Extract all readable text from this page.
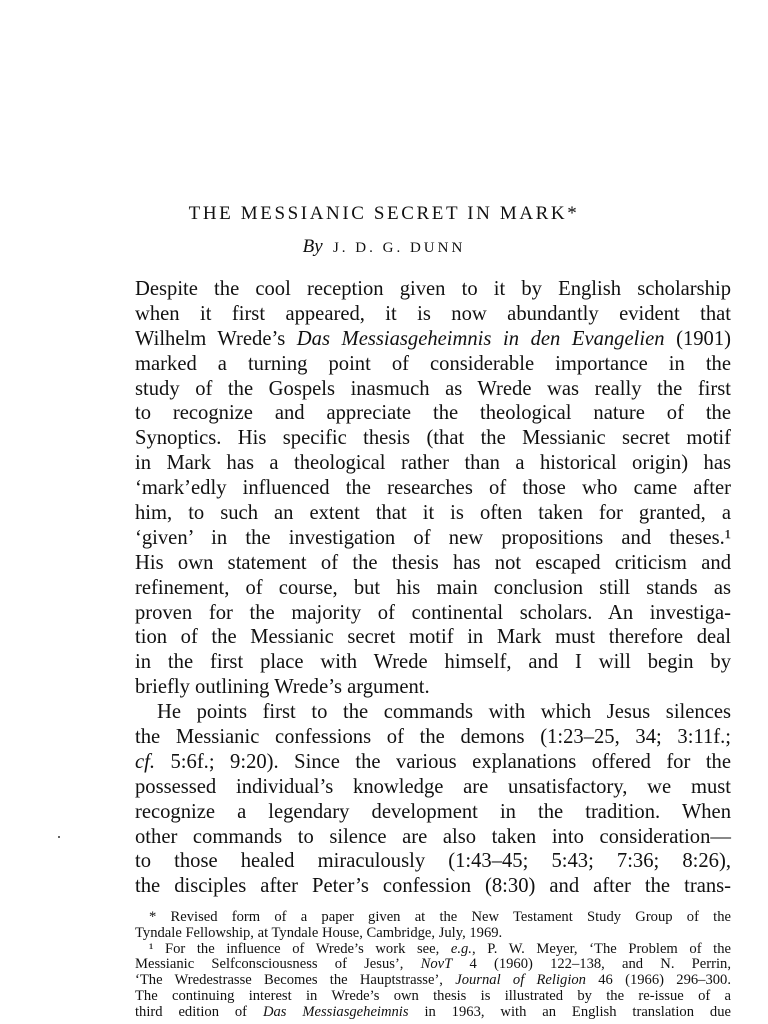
THE MESSIANIC SECRET IN MARK*

By J. D. G. DUNN

Despite the cool reception given to it by English scholarship
when it first appeared, it is now abundantly evident that
Wilhelm Wrede’s Das Messiasgeheimnis in den Evangelien (1901)
marked a turning point of considerable importance in the
study of the Gospels inasmuch as Wrede was really the first
to recognize and appreciate the theological nature of the
Synoptics. His specific thesis (that the Messianic secret motif
in Mark has a theological rather than a historical origin) has
‘mark’edly influenced the researches of those who came after
him, to such an extent that it is often taken for granted, a
‘given’ in the investigation of new propositions and theses.¹
His own statement of the thesis has not escaped criticism and
refinement, of course, but his main conclusion still stands as
proven for the majority of continental scholars. An investiga-
tion of the Messianic secret motif in Mark must therefore deal
in the first place with Wrede himself, and I will begin by
briefly outlining Wrede’s argument.
He points first to the commands with which Jesus silences
the Messianic confessions of the demons (1:23–25, 34; 3:11f.;
cf. 5:6f.; 9:20). Since the various explanations offered for the
possessed individual’s knowledge are unsatisfactory, we must
recognize a legendary development in the tradition. When
other commands to silence are also taken into consideration—
to those healed miraculously (1:43–45; 5:43; 7:36; 8:26),
the disciples after Peter’s confession (8:30) and after the trans-
* Revised form of a paper given at the New Testament Study Group of the
Tyndale Fellowship, at Tyndale House, Cambridge, July, 1969.
¹ For the influence of Wrede’s work see, e.g., P. W. Meyer, ‘The Problem of the
Messianic Selfconsciousness of Jesus’, NovT 4 (1960) 122–138, and N. Perrin,
‘The Wredestrasse Becomes the Hauptstrasse’, Journal of Religion 46 (1966) 296–300.
The continuing interest in Wrede’s own thesis is illustrated by the re-issue of a
third edition of Das Messiasgeheimnis in 1963, with an English translation due
